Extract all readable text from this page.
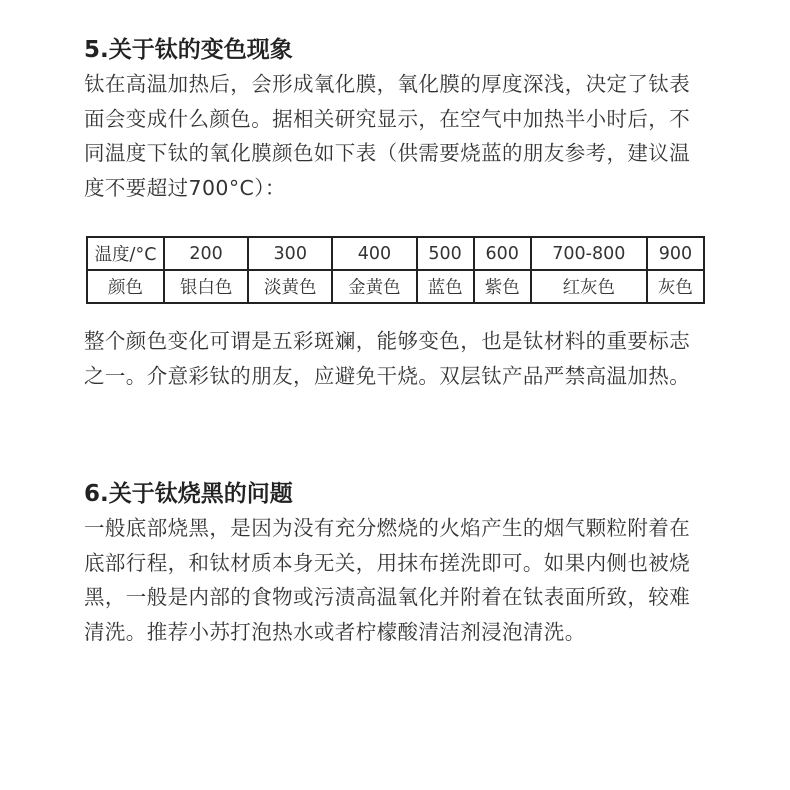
5.关于钛的变色现象

钛在高温加热后，会形成氧化膜，氧化膜的厚度深浅，决定了钛表面会变成什么颜色。据相关研究显示，在空气中加热半小时后，不同温度下钛的氧化膜颜色如下表（供需要烧蓝的朋友参考，建议温度不要超过700°C）：

温度/°C	200	300	400	500	600	700-800	900
颜色	银白色	淡黄色	金黄色	蓝色	紫色	红灰色	灰色

整个颜色变化可谓是五彩斑斓，能够变色，也是钛材料的重要标志之一。介意彩钛的朋友，应避免干烧。双层钛产品严禁高温加热。

6.关于钛烧黑的问题

一般底部烧黑，是因为没有充分燃烧的火焰产生的烟气颗粒附着在底部行程，和钛材质本身无关，用抹布搓洗即可。如果内侧也被烧黑，一般是内部的食物或污渍高温氧化并附着在钛表面所致，较难清洗。推荐小苏打泡热水或者柠檬酸清洁剂浸泡清洗。
